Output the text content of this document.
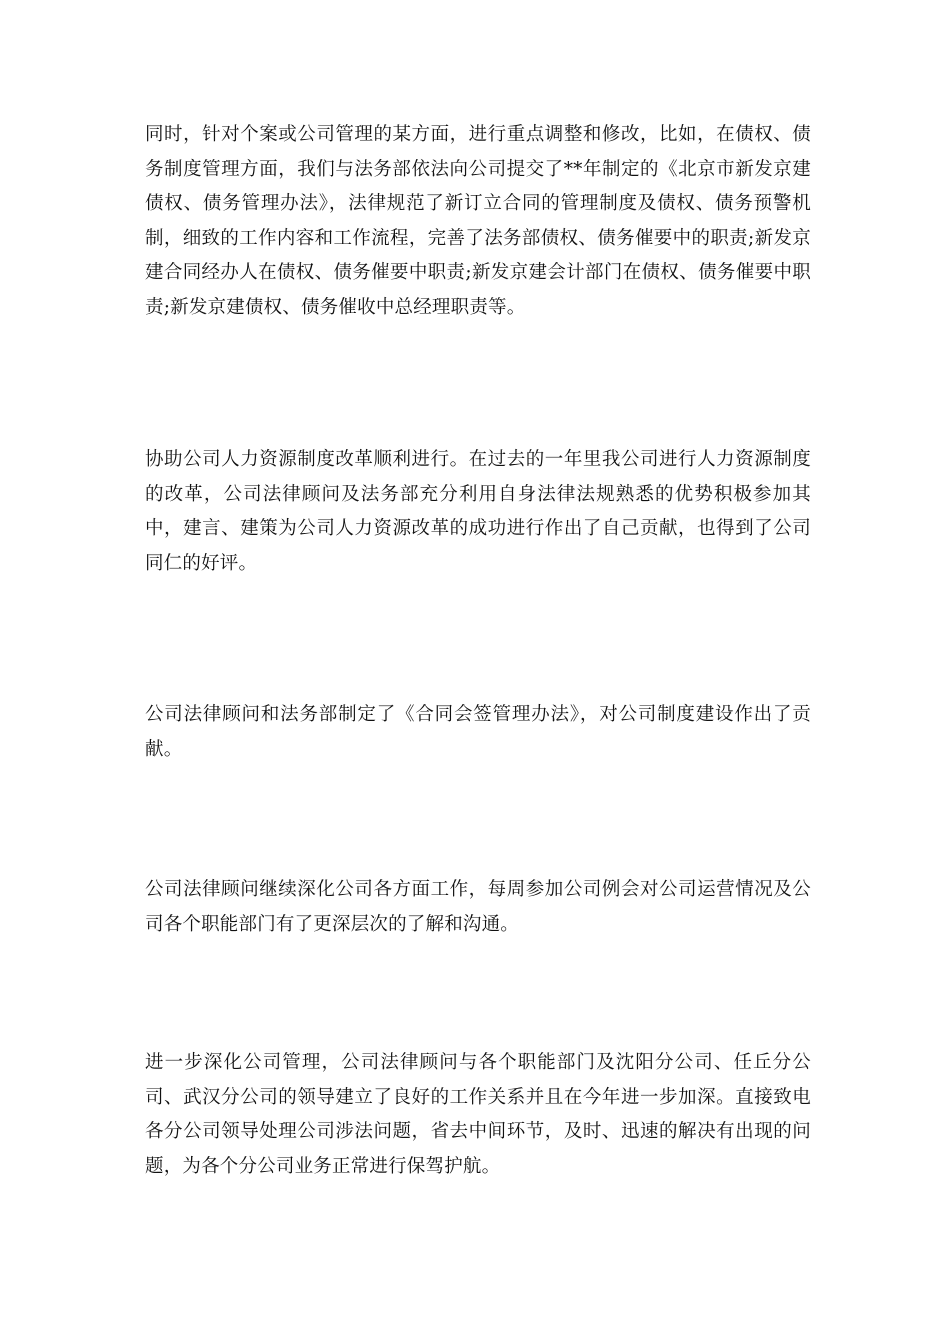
同时，针对个案或公司管理的某方面，进行重点调整和修改，比如，在债权、债务制度管理方面，我们与法务部依法向公司提交了**年制定的《北京市新发京建债权、债务管理办法》，法律规范了新订立合同的管理制度及债权、债务预警机制，细致的工作内容和工作流程，完善了法务部债权、债务催要中的职责;新发京建合同经办人在债权、债务催要中职责;新发京建会计部门在债权、债务催要中职责;新发京建债权、债务催收中总经理职责等。

协助公司人力资源制度改革顺利进行。在过去的一年里我公司进行人力资源制度的改革，公司法律顾问及法务部充分利用自身法律法规熟悉的优势积极参加其中，建言、建策为公司人力资源改革的成功进行作出了自己贡献，也得到了公司同仁的好评。

公司法律顾问和法务部制定了《合同会签管理办法》，对公司制度建设作出了贡献。

公司法律顾问继续深化公司各方面工作，每周参加公司例会对公司运营情况及公司各个职能部门有了更深层次的了解和沟通。

进一步深化公司管理，公司法律顾问与各个职能部门及沈阳分公司、任丘分公司、武汉分公司的领导建立了良好的工作关系并且在今年进一步加深。直接致电各分公司领导处理公司涉法问题，省去中间环节，及时、迅速的解决有出现的问题，为各个分公司业务正常进行保驾护航。
